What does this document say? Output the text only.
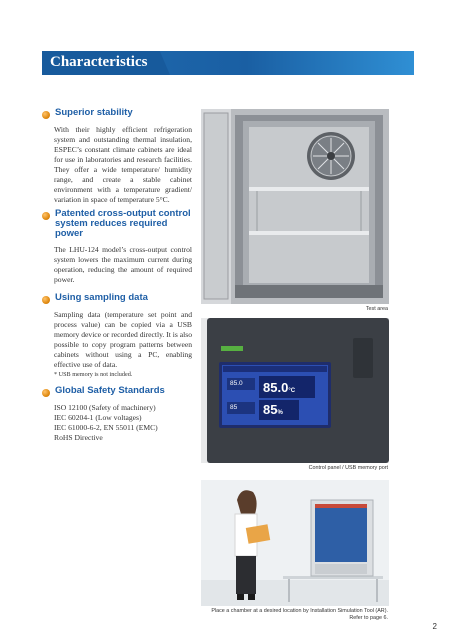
Characteristics
Superior stability
With their highly efficient refrigeration system and outstanding thermal insulation, ESPEC’s constant climate cabinets are ideal for use in laboratories and research facilities. They offer a wide temperature/ humidity range, and create a stable cabinet environment with a temperature gradient/ variation in space of temperature 5°C.
Patented cross-output control system reduces required power
The LHU-124 model’s cross-output control system lowers the maximum current during operation, reducing the amount of required power.
Using sampling data
Sampling data (temperature set point and process value) can be copied via a USB memory device or recorded directly. It is also possible to copy program patterns between cabinets without using a PC, enabling effective use of data.
* USB memory is not included.
Global Safety Standards
ISO 12100 (Safety of machinery)
IEC 60204-1 (Low voltages)
IEC 61000-6-2, EN 55011 (EMC)
RoHS Directive
Test area
85.0°C
85.0
85%
85
Control panel / USB memory port
Place a chamber at a desired location by Installation Simulation Tool (AR).
Refer to page 6.
2
